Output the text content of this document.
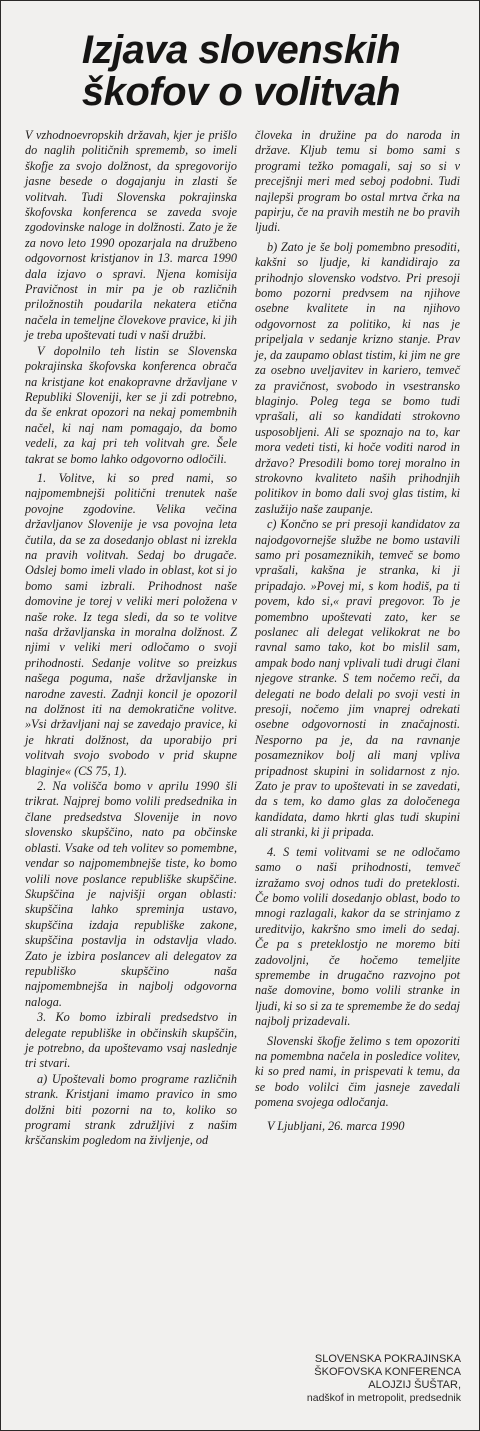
Izjava slovenskih
škofov o volitvah

V vzhodnoevropskih državah, kjer je prišlo do naglih političnih sprememb, so imeli škofje za svojo dolžnost, da spregovorijo jasne besede o dogajanju in zlasti še volitvah. Tudi Slovenska pokrajinska škofovska konferenca se zaveda svoje zgodovinske naloge in dolžnosti. Zato je že za novo leto 1990 opozarjala na družbeno odgovornost kristjanov in 13. marca 1990 dala izjavo o spravi. Njena komisija Pravičnost in mir pa je ob različnih priložnostih poudarila nekatera etična načela in temeljne človekove pravice, ki jih je treba upoštevati tudi v naši družbi.

V dopolnilo teh listin se Slovenska pokrajinska škofovska konferenca obrača na kristjane kot enakopravne državljane v Republiki Sloveniji, ker se ji zdi potrebno, da še enkrat opozori na nekaj pomembnih načel, ki naj nam pomagajo, da bomo vedeli, za kaj pri teh volitvah gre. Šele takrat se bomo lahko odgovorno odločili.

1. Volitve, ki so pred nami, so najpomembnejši politični trenutek naše povojne zgodovine. Velika večina državljanov Slovenije je vsa povojna leta čutila, da se za dosedanjo oblast ni izrekla na pravih volitvah. Sedaj bo drugače. Odslej bomo imeli vlado in oblast, kot si jo bomo sami izbrali. Prihodnost naše domovine je torej v veliki meri položena v naše roke. Iz tega sledi, da so te volitve naša državljanska in moralna dolžnost. Z njimi v veliki meri odločamo o svoji prihodnosti. Sedanje volitve so preizkus našega poguma, naše državljanske in narodne zavesti. Zadnji koncil je opozoril na dolžnost iti na demokratične volitve. »Vsi državljani naj se zavedajo pravice, ki je hkrati dolžnost, da uporabijo pri volitvah svojo svobodo v prid skupne blaginje« (CS 75, 1).

2. Na volišča bomo v aprilu 1990 šli trikrat. Najprej bomo volili predsednika in člane predsedstva Slovenije in novo slovensko skupščino, nato pa občinske oblasti. Vsake od teh volitev so pomembne, vendar so najpomembnejše tiste, ko bomo volili nove poslance republiške skupščine. Skupščina je najvišji organ oblasti: skupščina lahko spreminja ustavo, skupščina izdaja republiške zakone, skupščina postavlja in odstavlja vlado. Zato je izbira poslancev ali delegatov za republiško skupščino naša najpomembnejša in najbolj odgovorna naloga.

3. Ko bomo izbirali predsedstvo in delegate republiške in občinskih skupščin, je potrebno, da upoštevamo vsaj naslednje tri stvari.

a) Upoštevali bomo programe različnih strank. Kristjani imamo pravico in smo dolžni biti pozorni na to, koliko so programi strank združljivi z našim krščanskim pogledom na življenje, od

človeka in družine pa do naroda in države. Kljub temu si bomo sami s programi težko pomagali, saj so si v precejšnji meri med seboj podobni. Tudi najlepši program bo ostal mrtva črka na papirju, če na pravih mestih ne bo pravih ljudi.

b) Zato je še bolj pomembno presoditi, kakšni so ljudje, ki kandidirajo za prihodnjo slovensko vodstvo. Pri presoji bomo pozorni predvsem na njihove osebne kvalitete in na njihovo odgovornost za politiko, ki nas je pripeljala v sedanje krizno stanje. Prav je, da zaupamo oblast tistim, ki jim ne gre za osebno uveljavitev in kariero, temveč za pravičnost, svobodo in vsestransko blaginjo. Poleg tega se bomo tudi vprašali, ali so kandidati strokovno usposobljeni. Ali se spoznajo na to, kar mora vedeti tisti, ki hoče voditi narod in državo? Presodili bomo torej moralno in strokovno kvaliteto naših prihodnjih politikov in bomo dali svoj glas tistim, ki zaslužijo naše zaupanje.

c) Končno se pri presoji kandidatov za najodgovornejše službe ne bomo ustavili samo pri posameznikih, temveč se bomo vprašali, kakšna je stranka, ki ji pripadajo. »Povej mi, s kom hodiš, pa ti povem, kdo si,« pravi pregovor. To je pomembno upoštevati zato, ker se poslanec ali delegat velikokrat ne bo ravnal samo tako, kot bo mislil sam, ampak bodo nanj vplivali tudi drugi člani njegove stranke. S tem nočemo reči, da delegati ne bodo delali po svoji vesti in presoji, nočemo jim vnaprej odrekati osebne odgovornosti in značajnosti. Nesporno pa je, da na ravnanje posameznikov bolj ali manj vpliva pripadnost skupini in solidarnost z njo. Zato je prav to upoštevati in se zavedati, da s tem, ko damo glas za določenega kandidata, damo hkrti glas tudi skupini ali stranki, ki ji pripada.

4. S temi volitvami se ne odločamo samo o naši prihodnosti, temveč izražamo svoj odnos tudi do preteklosti. Če bomo volili dosedanjo oblast, bodo to mnogi razlagali, kakor da se strinjamo z ureditvijo, kakršno smo imeli do sedaj. Če pa s preteklostjo ne moremo biti zadovoljni, če hočemo temeljite spremembe in drugačno razvojno pot naše domovine, bomo volili stranke in ljudi, ki so si za te spremembe že do sedaj najbolj prizadevali.

Slovenski škofje želimo s tem opozoriti na pomembna načela in posledice volitev, ki so pred nami, in prispevati k temu, da se bodo volilci čim jasneje zavedali pomena svojega odločanja.

V Ljubljani, 26. marca 1990

SLOVENSKA POKRAJINSKA
ŠKOFOVSKA KONFERENCA
ALOJZIJ ŠUŠTAR,
nadškof in metropolit, predsednik
